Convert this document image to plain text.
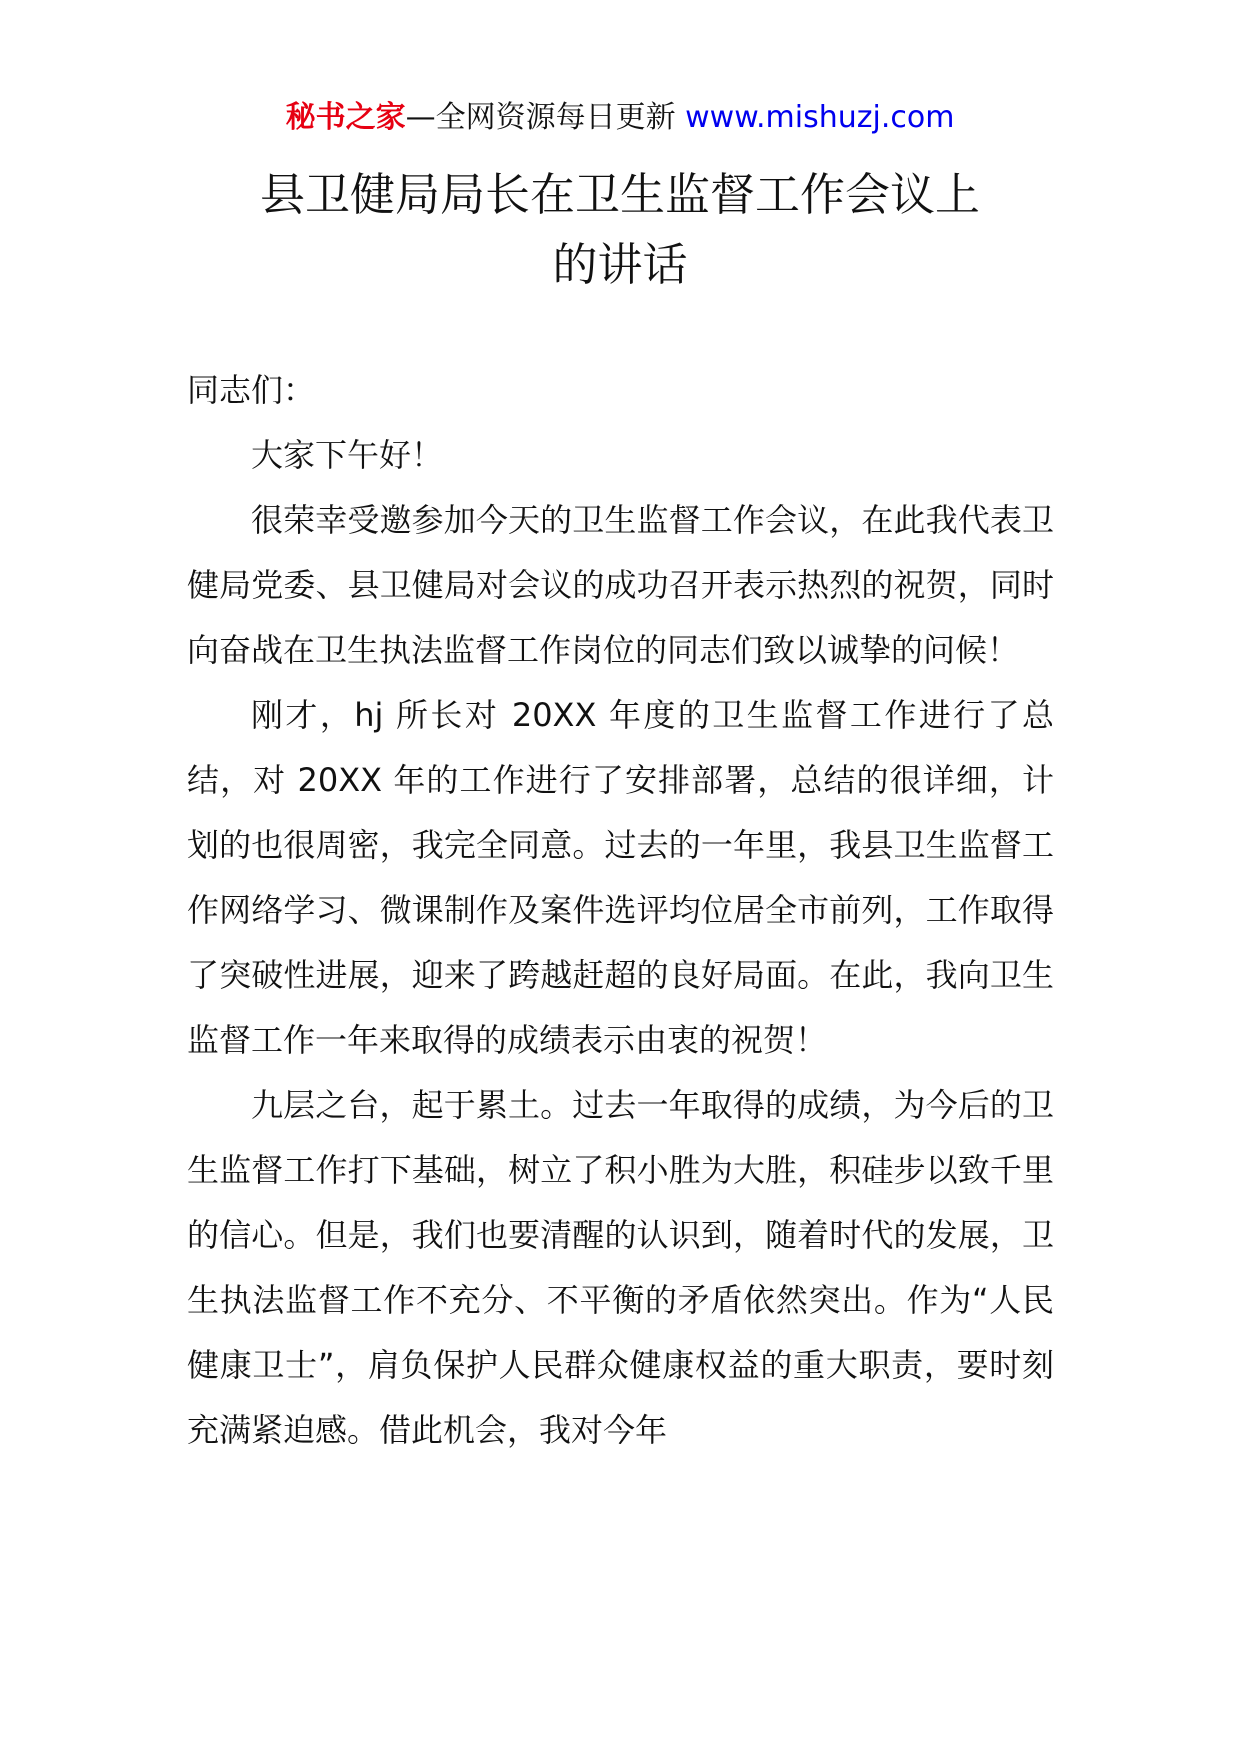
秘书之家—全网资源每日更新 www.mishuzj.com
县卫健局局长在卫生监督工作会议上
的讲话

同志们：

大家下午好！

很荣幸受邀参加今天的卫生监督工作会议，在此我代表卫健局党委、县卫健局对会议的成功召开表示热烈的祝贺，同时向奋战在卫生执法监督工作岗位的同志们致以诚挚的问候！

刚才，hj 所长对 20XX 年度的卫生监督工作进行了总结，对 20XX 年的工作进行了安排部署，总结的很详细，计划的也很周密，我完全同意。过去的一年里，我县卫生监督工作网络学习、微课制作及案件选评均位居全市前列，工作取得了突破性进展，迎来了跨越赶超的良好局面。在此，我向卫生监督工作一年来取得的成绩表示由衷的祝贺！

九层之台，起于累土。过去一年取得的成绩，为今后的卫生监督工作打下基础，树立了积小胜为大胜，积硅步以致千里的信心。但是，我们也要清醒的认识到，随着时代的发展，卫生执法监督工作不充分、不平衡的矛盾依然突出。作为“人民健康卫士”，肩负保护人民群众健康权益的重大职责，要时刻充满紧迫感。借此机会，我对今年
